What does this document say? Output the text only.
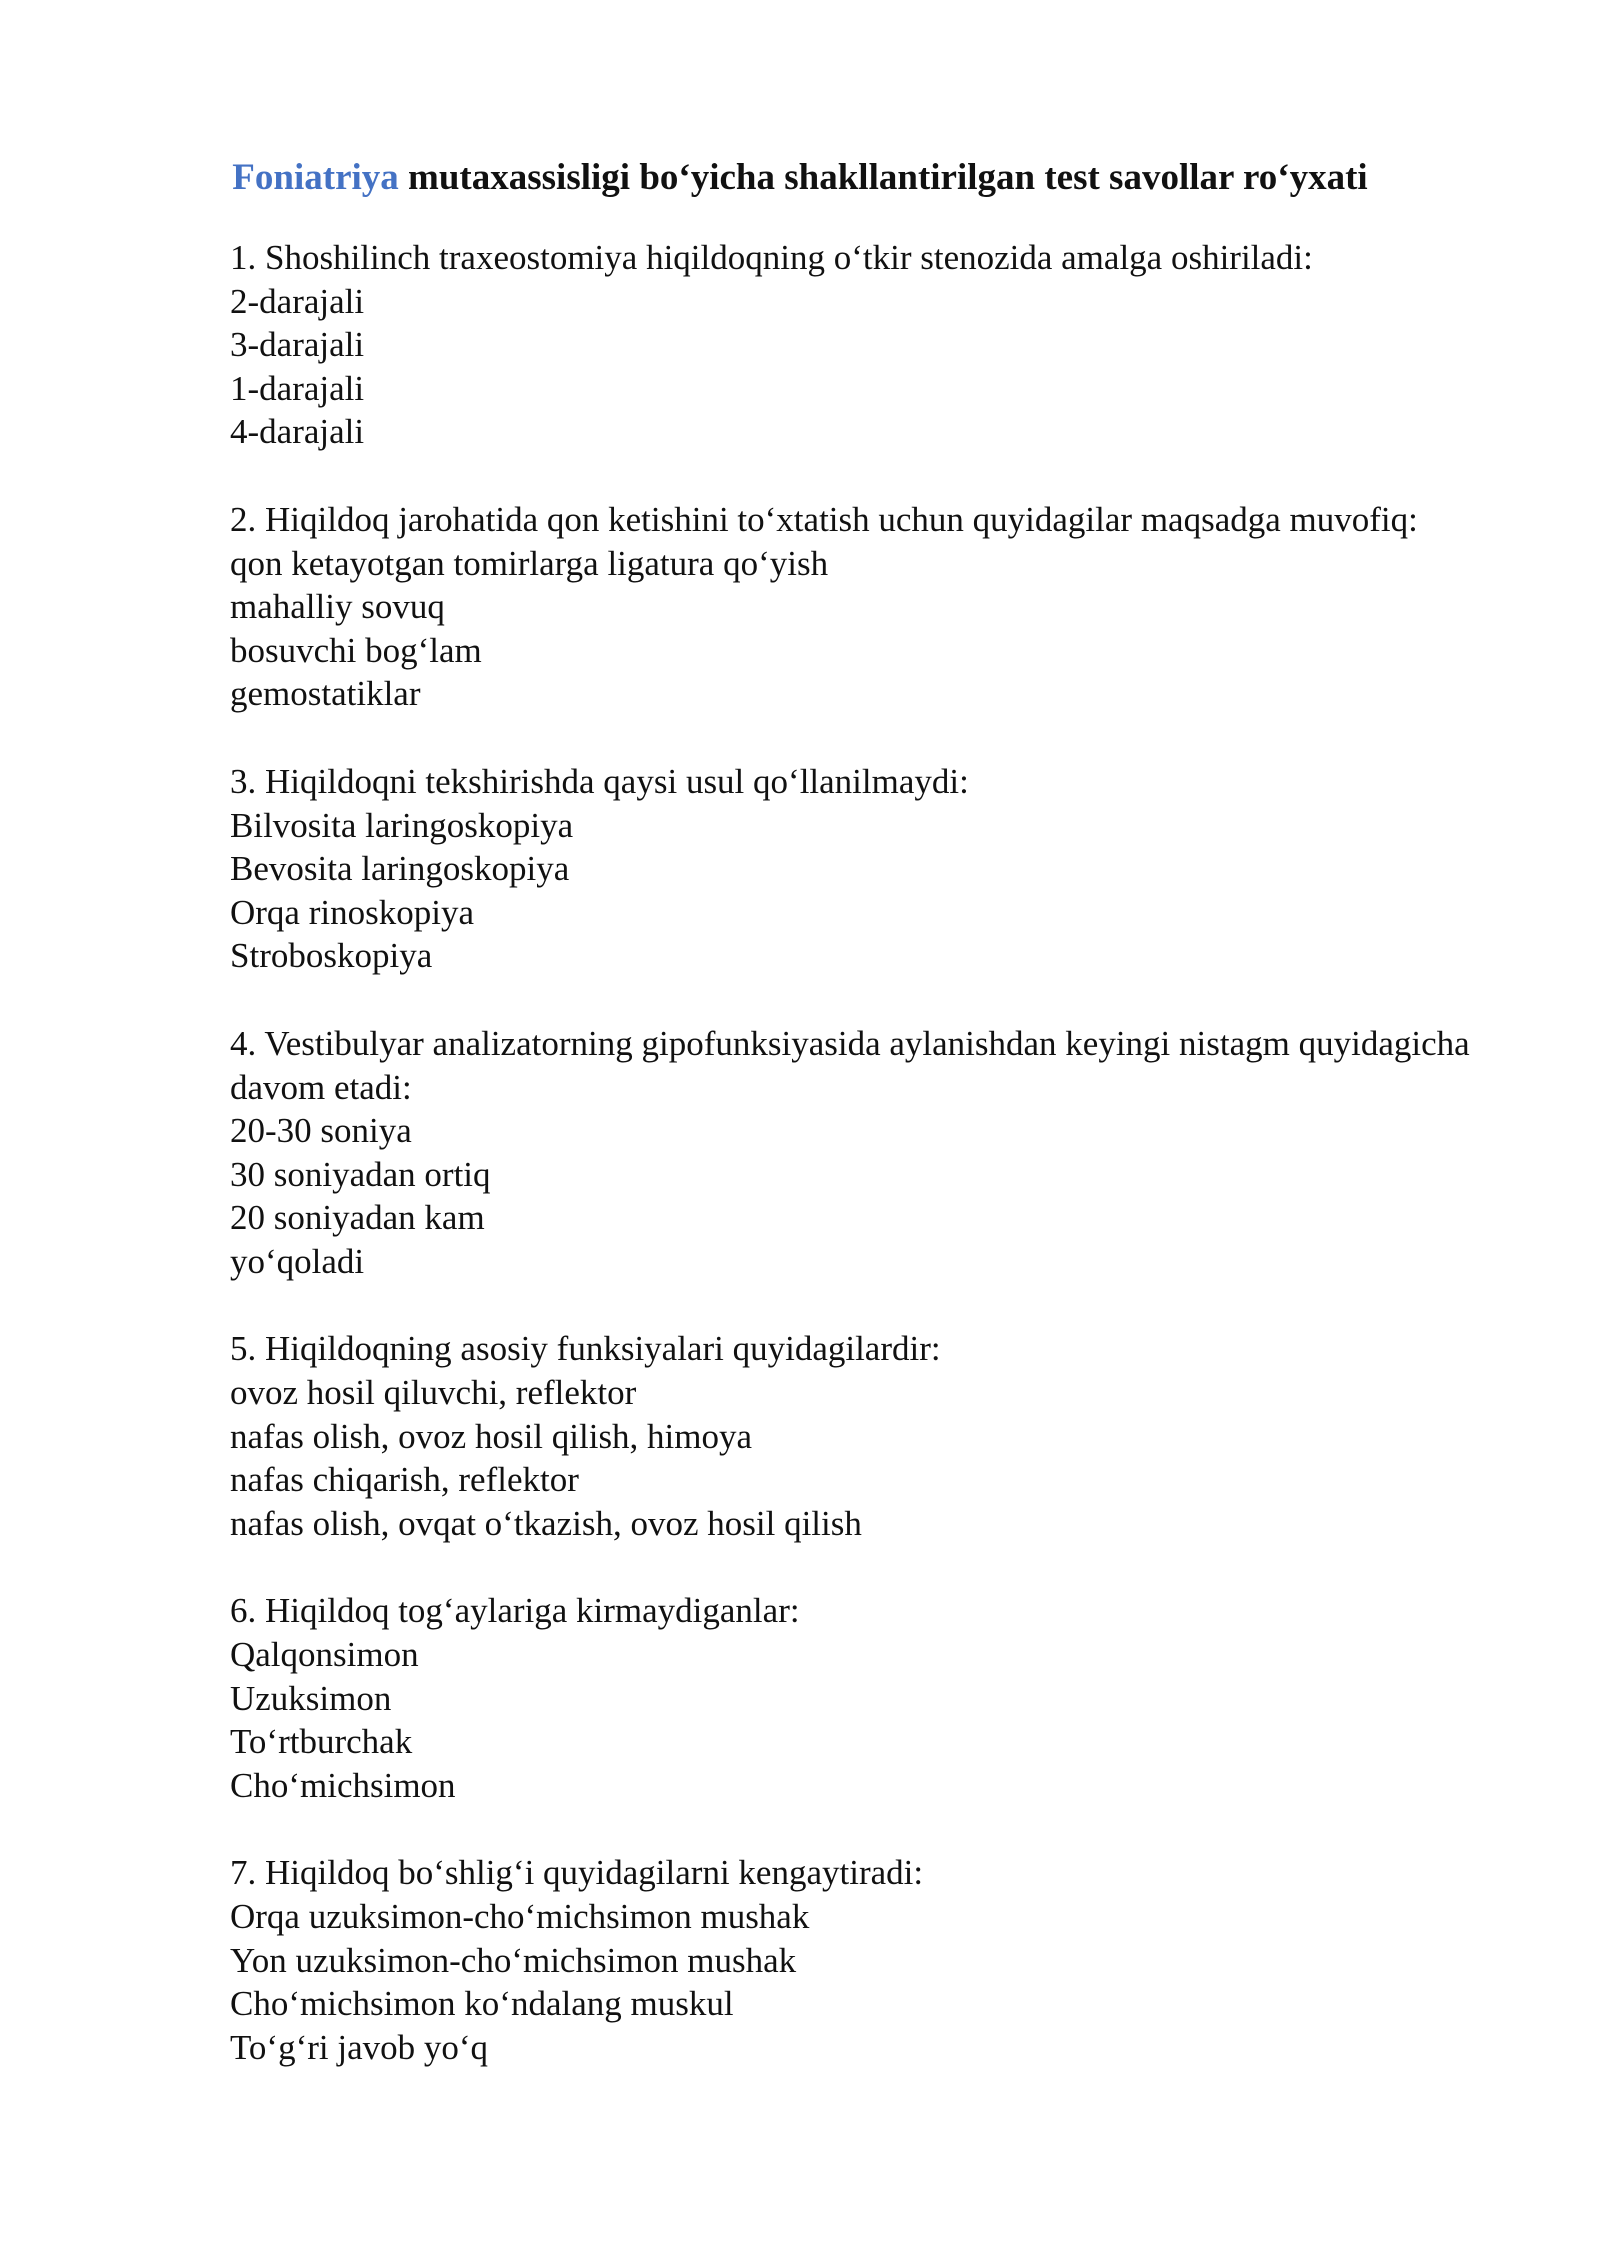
Foniatriya mutaxassisligi bo‘yicha shakllantirilgan test savollar ro‘yxati

1. Shoshilinch traxeostomiya hiqildoqning o‘tkir stenozida amalga oshiriladi:

2-darajali

3-darajali

1-darajali

4-darajali

2. Hiqildoq jarohatida qon ketishini to‘xtatish uchun quyidagilar maqsadga muvofiq:

qon ketayotgan tomirlarga ligatura qo‘yish

mahalliy sovuq

bosuvchi bog‘lam

gemostatiklar

3. Hiqildoqni tekshirishda qaysi usul qo‘llanilmaydi:

Bilvosita laringoskopiya

Bevosita laringoskopiya

Orqa rinoskopiya

Stroboskopiya

4. Vestibulyar analizatorning gipofunksiyasida aylanishdan keyingi nistagm quyidagicha davom etadi:

20-30 soniya

30 soniyadan ortiq

20 soniyadan kam

yo‘qoladi

5. Hiqildoqning asosiy funksiyalari quyidagilardir:

ovoz hosil qiluvchi, reflektor

nafas olish, ovoz hosil qilish, himoya

nafas chiqarish, reflektor

nafas olish, ovqat o‘tkazish, ovoz hosil qilish

6. Hiqildoq tog‘aylariga kirmaydiganlar:

Qalqonsimon

Uzuksimon

To‘rtburchak

Cho‘michsimon

7. Hiqildoq bo‘shlig‘i quyidagilarni kengaytiradi:

Orqa uzuksimon-cho‘michsimon mushak

Yon uzuksimon-cho‘michsimon mushak

Cho‘michsimon ko‘ndalang muskul

To‘g‘ri javob yo‘q
